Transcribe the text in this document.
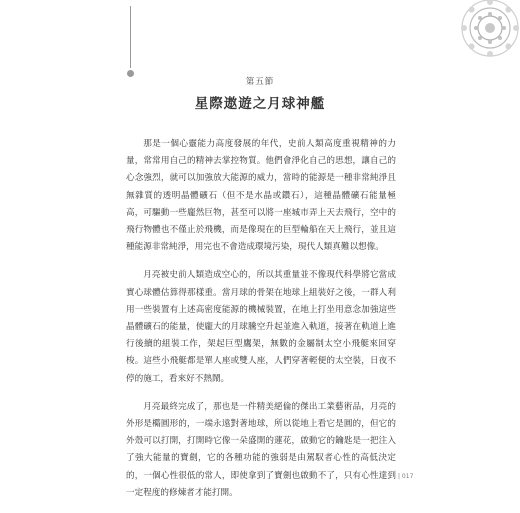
第五節
星際遨遊之月球神艦

那是一個心靈能力高度發展的年代，史前人類高度重視精神的力量，常常用自己的精神去掌控物質。他們會淨化自己的思想，讓自己的心念強烈，就可以加強放大能源的威力，當時的能源是一種非常純淨且無雜質的透明晶體礦石（但不是水晶或鑽石），這種晶體礦石能量極高，可驅動一些龐然巨物，甚至可以將一座城市弄上天去飛行，空中的飛行物體也不僅止於飛機，而是像現在的巨型輪船在天上飛行，並且這種能源非常純淨，用完也不會造成環境污染，現代人類真難以想像。

月亮被史前人類造成空心的，所以其重量並不像現代科學將它當成實心球體估算得那樣重。當月球的骨架在地球上組裝好之後，一群人利用一些裝置有上述高密度能源的機械裝置，在地上打坐用意念加強這些晶體礦石的能量，使龐大的月球騰空升起並進入軌道，接著在軌道上進行後續的組裝工作，架起巨型鷹架，無數的金屬制太空小飛艇來回穿梭。這些小飛艇都是單人座或雙人座，人們穿著輕便的太空裝，日夜不停的施工，看來好不熱鬧。

月亮最終完成了，那也是一件精美絕倫的傑出工業藝術品，月亮的外形是橢圓形的，一端永遠對著地球，所以從地上看它是圓的，但它的外殼可以打開，打開時它像一朵盛開的蓮花，啟動它的鑰匙是一把注入了強大能量的寶劍，它的各種功能的強弱是由駕馭者心性的高低決定的，一個心性很低的常人，即使拿到了寶劍也啟動不了，只有心性達到一定程度的修煉者才能打開。

| 017
